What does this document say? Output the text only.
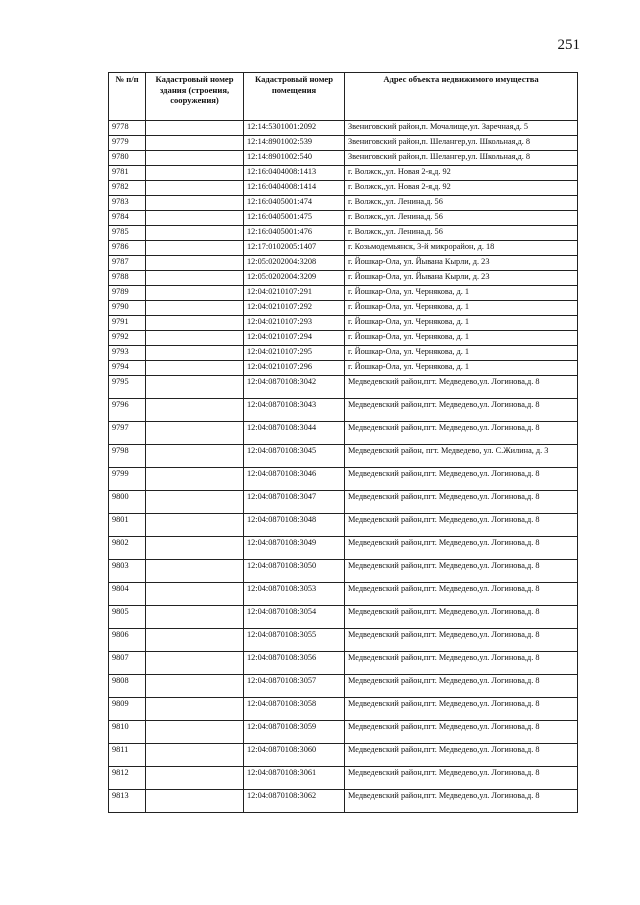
251
№ п/п	Кадастровый номер здания (строения, сооружения)	Кадастровый номер помещения	Адрес объекта недвижимого имущества
9778		12:14:5301001:2092	Звениговский район,п. Мочалище,ул. Заречная,д. 5
9779		12:14:8901002:539	Звениговский район,п. Шелангер,ул. Школьная,д. 8
9780		12:14:8901002:540	Звениговский район,п. Шелангер,ул. Школьная,д. 8
9781		12:16:0404008:1413	г. Волжск,,ул. Новая 2-я,д. 92
9782		12:16:0404008:1414	г. Волжск,,ул. Новая 2-я,д. 92
9783		12:16:0405001:474	г. Волжск,,ул. Ленина,д. 56
9784		12:16:0405001:475	г. Волжск,,ул. Ленина,д. 56
9785		12:16:0405001:476	г. Волжск,,ул. Ленина,д. 56
9786		12:17:0102005:1407	г. Козьмодемьянск, 3-й микрорайон, д. 18
9787		12:05:0202004:3208	г. Йошкар-Ола, ул. Йывана Кырли, д. 23
9788		12:05:0202004:3209	г. Йошкар-Ола, ул. Йывана Кырли, д. 23
9789		12:04:0210107:291	г. Йошкар-Ола, ул. Чернякова, д. 1
9790		12:04:0210107:292	г. Йошкар-Ола, ул. Чернякова, д. 1
9791		12:04:0210107:293	г. Йошкар-Ола, ул. Чернякова, д. 1
9792		12:04:0210107:294	г. Йошкар-Ола, ул. Чернякова, д. 1
9793		12:04:0210107:295	г. Йошкар-Ола, ул. Чернякова, д. 1
9794		12:04:0210107:296	г. Йошкар-Ола, ул. Чернякова, д. 1
9795		12:04:0870108:3042	Медведевский район,пгт. Медведево,ул. Логинова,д. 8
9796		12:04:0870108:3043	Медведевский район,пгт. Медведево,ул. Логинова,д. 8
9797		12:04:0870108:3044	Медведевский район,пгт. Медведево,ул. Логинова,д. 8
9798		12:04:0870108:3045	Медведевский район, пгт. Медведево, ул. С.Жилина, д. 3
9799		12:04:0870108:3046	Медведевский район,пгт. Медведево,ул. Логинова,д. 8
9800		12:04:0870108:3047	Медведевский район,пгт. Медведево,ул. Логинова,д. 8
9801		12:04:0870108:3048	Медведевский район,пгт. Медведево,ул. Логинова,д. 8
9802		12:04:0870108:3049	Медведевский район,пгт. Медведево,ул. Логинова,д. 8
9803		12:04:0870108:3050	Медведевский район,пгт. Медведево,ул. Логинова,д. 8
9804		12:04:0870108:3053	Медведевский район,пгт. Медведево,ул. Логинова,д. 8
9805		12:04:0870108:3054	Медведевский район,пгт. Медведево,ул. Логинова,д. 8
9806		12:04:0870108:3055	Медведевский район,пгт. Медведево,ул. Логинова,д. 8
9807		12:04:0870108:3056	Медведевский район,пгт. Медведево,ул. Логинова,д. 8
9808		12:04:0870108:3057	Медведевский район,пгт. Медведево,ул. Логинова,д. 8
9809		12:04:0870108:3058	Медведевский район,пгт. Медведево,ул. Логинова,д. 8
9810		12:04:0870108:3059	Медведевский район,пгт. Медведево,ул. Логинова,д. 8
9811		12:04:0870108:3060	Медведевский район,пгт. Медведево,ул. Логинова,д. 8
9812		12:04:0870108:3061	Медведевский район,пгт. Медведево,ул. Логинова,д. 8
9813		12:04:0870108:3062	Медведевский район,пгт. Медведево,ул. Логинова,д. 8
